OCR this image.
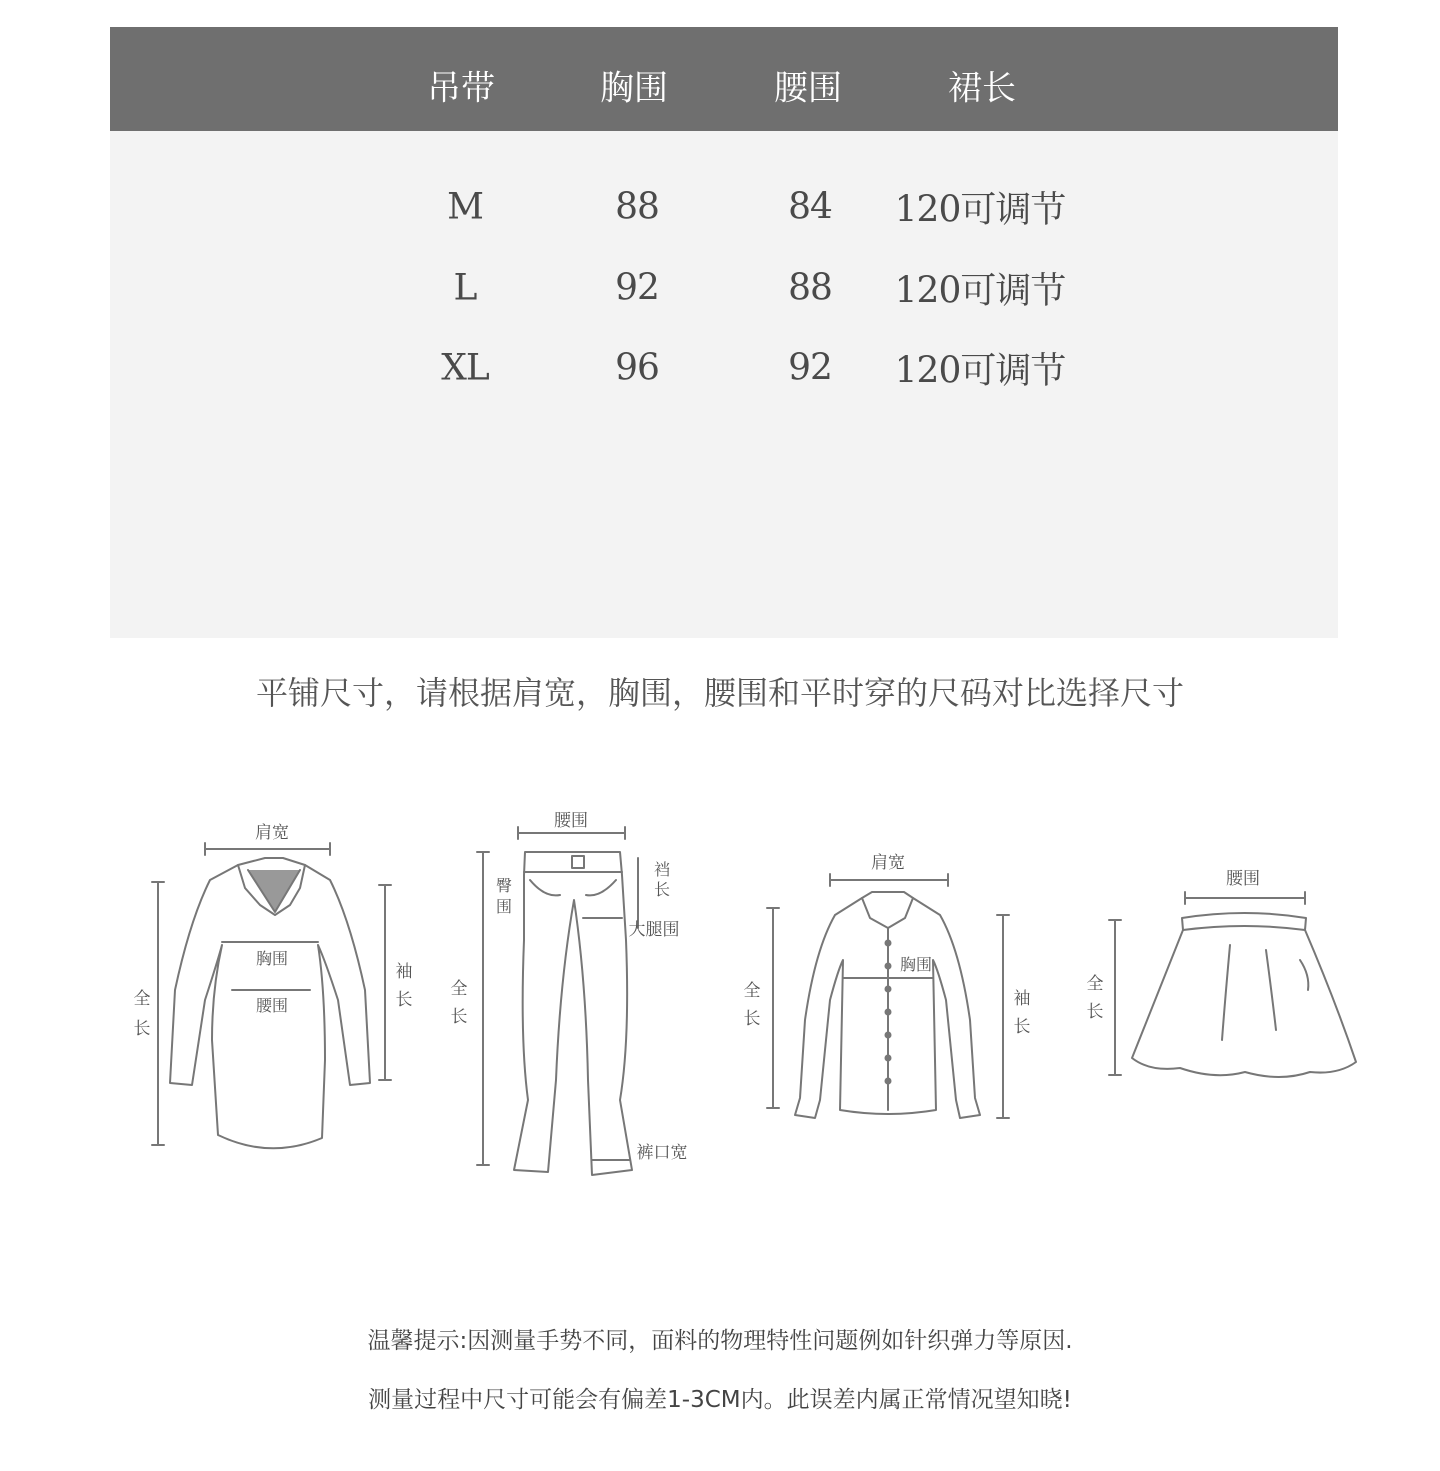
吊带	胸围	腰围	裙长
M	88	84 120可调节
L	92	88 120可调节
XL	96	92 120可调节
平铺尺寸，请根据肩宽，胸围，腰围和平时穿的尺码对比选择尺寸
肩宽
胸围
腰围
全
长
袖
长
腰围
臀
围
裆
长
大腿围
全
长
裤口宽
肩宽
胸围
全
长
袖
长
腰围
全
长
温馨提示:因测量手势不同，面料的物理特性问题例如针织弹力等原因.
测量过程中尺寸可能会有偏差1-3CM内。此误差内属正常情况望知晓!
